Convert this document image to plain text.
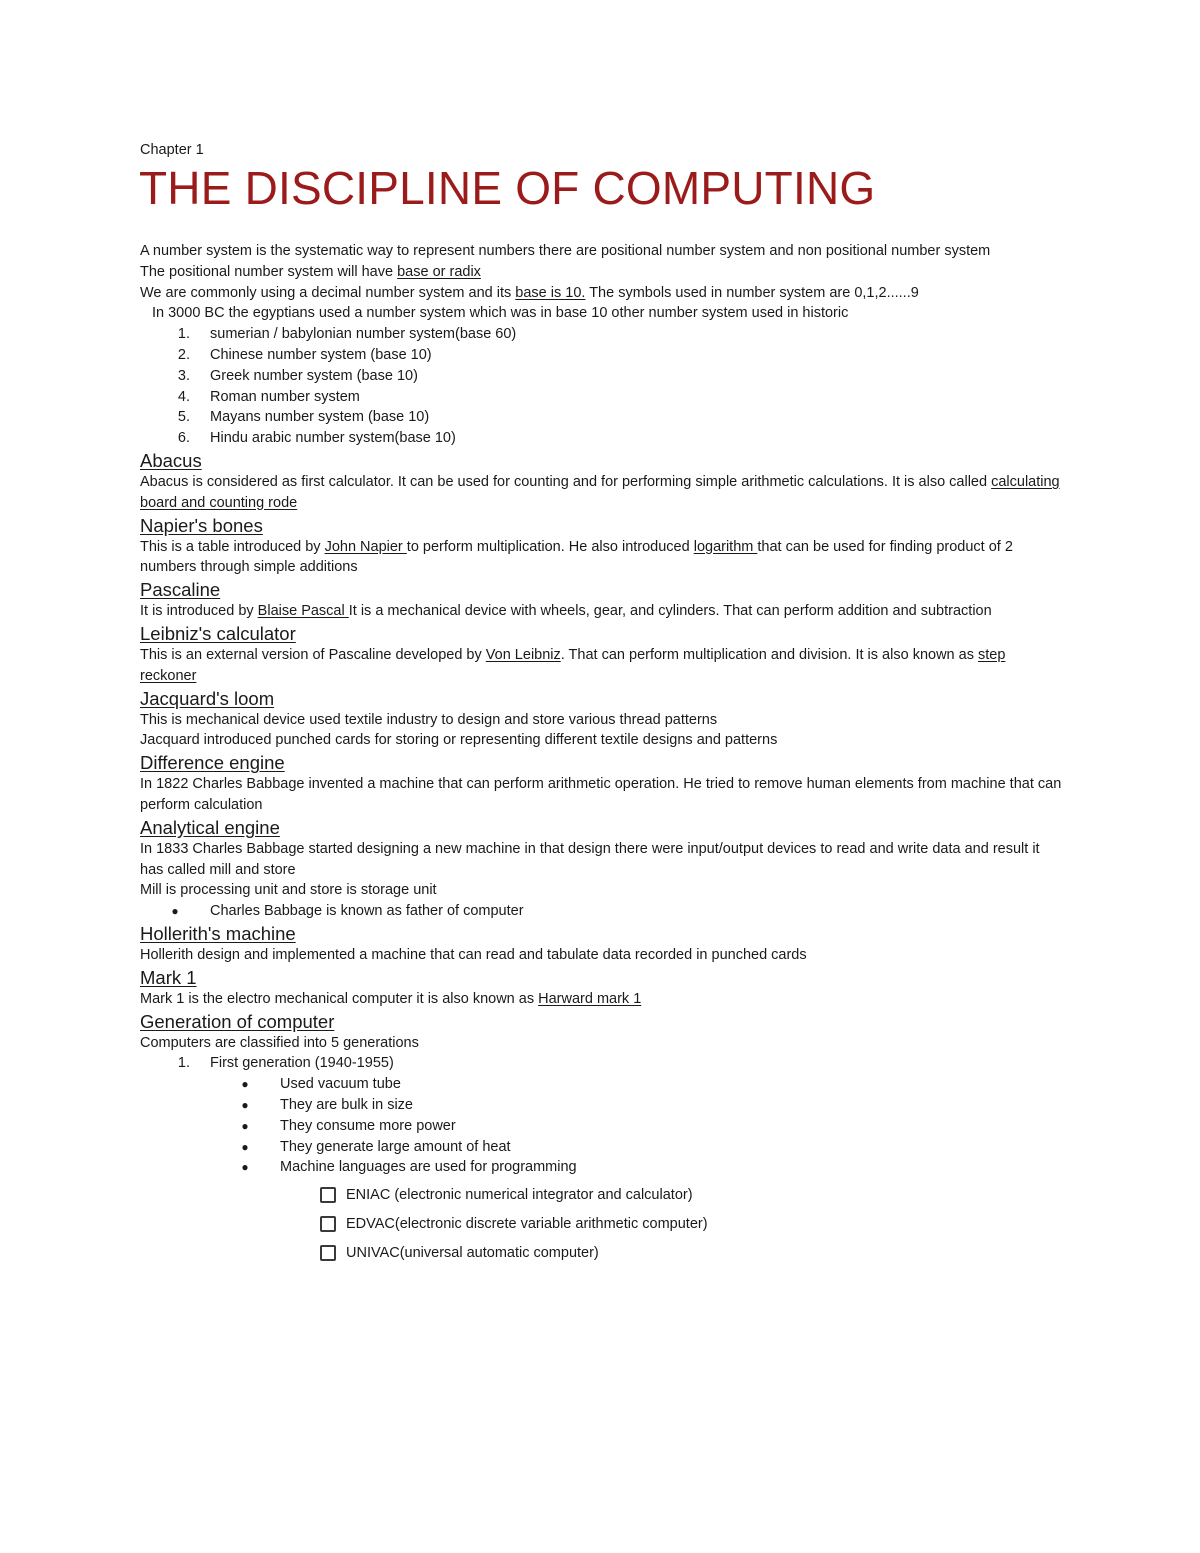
Chapter 1
THE DISCIPLINE OF COMPUTING

A number system is the systematic way to represent numbers there are positional number system and non positional number system

The positional number system will have base or radix

We are commonly using a decimal number system and its base is 10. The symbols used in number system are 0,1,2......9

In 3000 BC the egyptians used a number system which was in base 10 other number system used in historic

1.	sumerian / babylonian number system(base 60)
2.	Chinese number system (base 10)
3.	Greek number system (base 10)
4.	Roman number system
5.	Mayans number system (base 10)
6.	Hindu arabic number system(base 10)
Abacus

Abacus is considered as first calculator. It can be used for counting and for performing simple arithmetic calculations. It is also called calculating board and counting rode

Napier's bones

This is a table introduced by John Napier to perform multiplication. He also introduced logarithm that can be used for finding product of 2 numbers through simple additions

Pascaline

It is introduced by Blaise Pascal It is a mechanical device with wheels, gear, and cylinders. That can perform addition and subtraction

Leibniz's calculator

This is an external version of Pascaline developed by Von Leibniz. That can perform multiplication and division. It is also known as step reckoner

Jacquard's loom

This is mechanical device used textile industry to design and store various thread patterns

Jacquard introduced punched cards for storing or representing different textile designs and patterns

Difference engine

In 1822 Charles Babbage invented a machine that can perform arithmetic operation. He tried to remove human elements from machine that can perform calculation

Analytical engine

In 1833 Charles Babbage started designing a new machine in that design there were input/output devices to read and write data and result it has called mill and store

Mill is processing unit and store is storage unit

●	Charles Babbage is known as father of computer
Hollerith's machine

Hollerith design and implemented a machine that can read and tabulate data recorded in punched cards

Mark 1

Mark 1 is the electro mechanical computer it is also known as Harward mark 1

Generation of computer

Computers are classified into 5 generations

1.	First generation (1940-1955)
●	Used vacuum tube
●	They are bulk in size
●	They consume more power
●	They generate large amount of heat
●	Machine languages are used for programming
ENIAC (electronic numerical integrator and calculator)
EDVAC(electronic discrete variable arithmetic computer)
UNIVAC(universal automatic computer)
